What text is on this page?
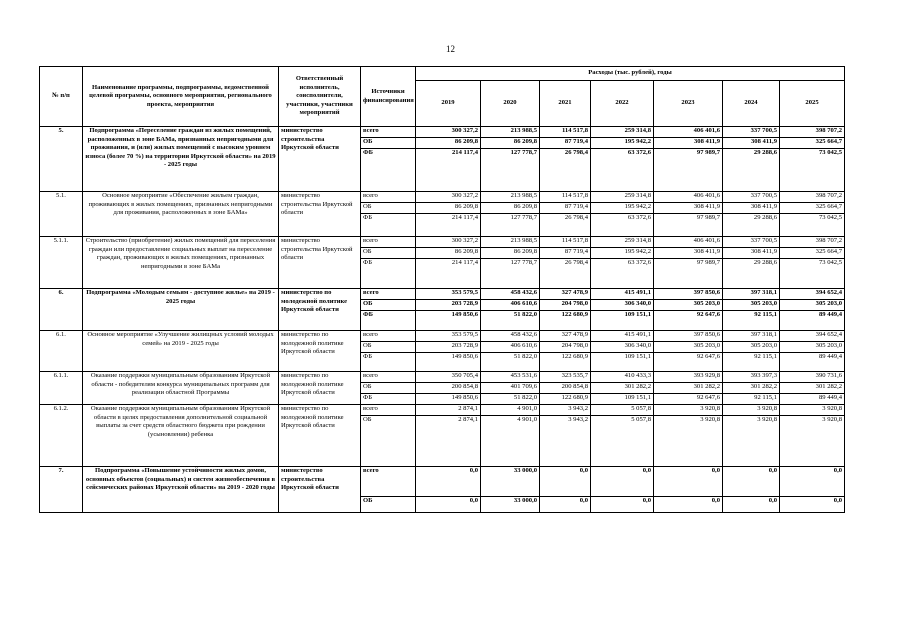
12
№ п/п	Наименование программы, подпрограммы, ведомственной целевой программы, основного мероприятия, регионального проекта, мероприятия	Ответственный исполнитель, соисполнители, участники, участники мероприятий	Источники финансирования	Расходы (тыс. рублей), годы						
				2019	2020	2021	2022	2023	2024	2025
5.	Подпрограмма «Переселение граждан из жилых помещений, расположенных в зоне БАМа, признанных непригодными для проживания, и (или) жилых помещений с высоким уровнем износа (более 70 %) на территории Иркутской области» на 2019 - 2025 годы	министерство строительства Иркутской области	всего	300 327,2	213 988,5	114 517,8	259 314,8	406 401,6	337 700,5	398 707,2
			ОБ	86 209,8	86 209,8	87 719,4	195 942,2	308 411,9	308 411,9	325 664,7
			ФБ	214 117,4	127 778,7	26 798,4	63 372,6	97 989,7	29 288,6	73 042,5
5.1.	Основное мероприятие «Обеспечение жильем граждан, проживающих в жилых помещениях, признанных непригодными для проживания, расположенных в зоне БАМа»	министерство строительства Иркутской области	всего	300 327,2	213 988,5	114 517,8	259 314,8	406 401,6	337 700,5	398 707,2
			ОБ	86 209,8	86 209,8	87 719,4	195 942,2	308 411,9	308 411,9	325 664,7
			ФБ	214 117,4	127 778,7	26 798,4	63 372,6	97 989,7	29 288,6	73 042,5
5.1.1.	Строительство (приобретение) жилых помещений для переселения граждан или предоставление социальных выплат на переселение граждан, проживающих в жилых помещениях, признанных непригодными в зоне БАМа	министерство строительства Иркутской области	всего	300 327,2	213 988,5	114 517,8	259 314,8	406 401,6	337 700,5	398 707,2
			ОБ	86 209,8	86 209,8	87 719,4	195 942,2	308 411,9	308 411,9	325 664,7
			ФБ	214 117,4	127 778,7	26 798,4	63 372,6	97 989,7	29 288,6	73 042,5
6.	Подпрограмма «Молодым семьям - доступное жилье» на 2019 - 2025 годы	министерство по молодежной политике Иркутской области	всего	353 579,5	458 432,6	327 478,9	415 491,1	397 850,6	397 318,1	394 652,4
			ОБ	203 728,9	406 610,6	204 798,0	306 340,0	305 203,0	305 203,0	305 203,0
			ФБ	149 850,6	51 822,0	122 680,9	109 151,1	92 647,6	92 115,1	89 449,4
6.1.	Основное мероприятие «Улучшение жилищных условий молодых семей» на 2019 - 2025 годы	министерство по молодежной политике Иркутской области	всего	353 579,5	458 432,6	327 478,9	415 491,1	397 850,6	397 318,1	394 652,4
			ОБ	203 728,9	406 610,6	204 798,0	306 340,0	305 203,0	305 203,0	305 203,0
			ФБ	149 850,6	51 822,0	122 680,9	109 151,1	92 647,6	92 115,1	89 449,4
6.1.1.	Оказание поддержки муниципальным образованиям Иркутской области - победителям конкурса муниципальных программ для реализации областной Программы	министерство по молодежной политике Иркутской области	всего	350 705,4	453 531,6	323 535,7	410 433,3	393 929,8	393 397,3	390 731,6
			ОБ	200 854,8	401 709,6	200 854,8	301 282,2	301 282,2	301 282,2	301 282,2
			ФБ	149 850,6	51 822,0	122 680,9	109 151,1	92 647,6	92 115,1	89 449,4
6.1.2.	Оказание поддержки муниципальным образованиям Иркутской области в целях предоставления дополнительной социальной выплаты за счет средств областного бюджета при рождении (усыновлении) ребенка	министерство по молодежной политике Иркутской области	всего	2 874,1	4 901,0	3 943,2	5 057,8	3 920,8	3 920,8	3 920,8
			ОБ	2 874,1	4 901,0	3 943,2	5 057,8	3 920,8	3 920,8	3 920,8
7.	Подпрограмма «Повышение устойчивости жилых домов, основных объектов (социальных) и систем жизнеобеспечения в сейсмических районах Иркутской области» на 2019 - 2020 годы	министерство строительства Иркутской области	всего	0,0	33 000,0	0,0	0,0	0,0	0,0	0,0
			ОБ	0,0	33 000,0	0,0	0,0	0,0	0,0	0,0
